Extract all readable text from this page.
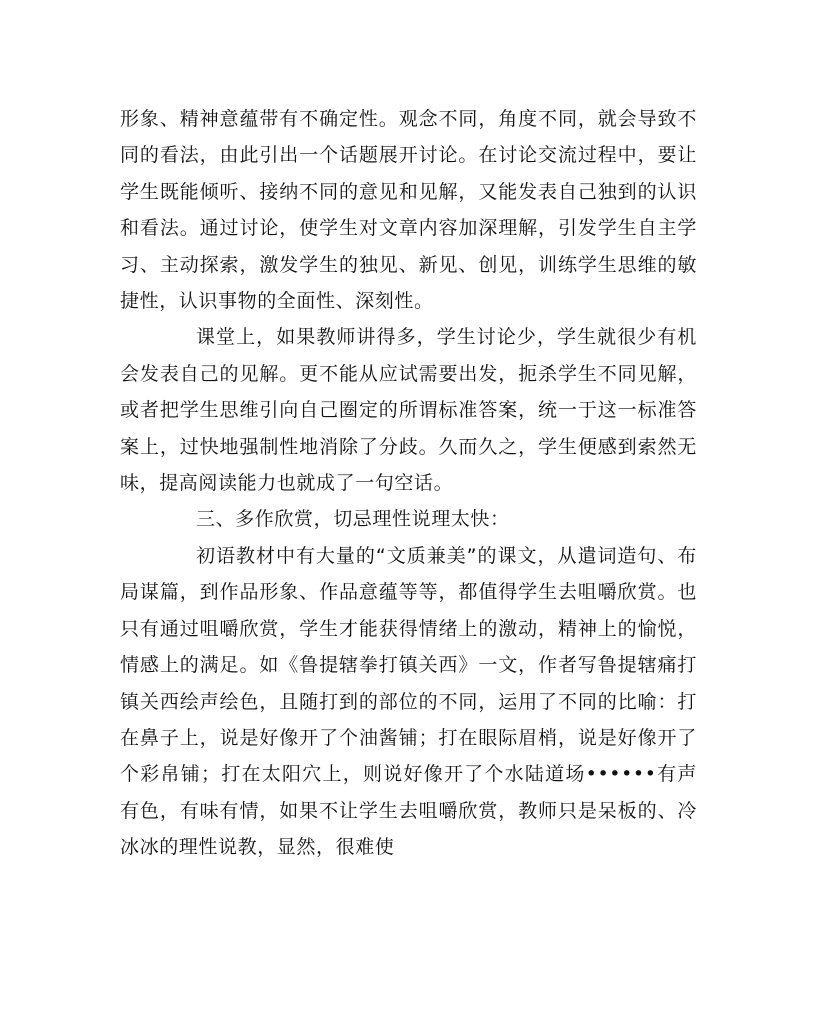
形象、精神意蕴带有不确定性。观念不同，角度不同，就会导致不同的看法，由此引出一个话题展开讨论。在讨论交流过程中，要让学生既能倾听、接纳不同的意见和见解，又能发表自己独到的认识和看法。通过讨论，使学生对文章内容加深理解，引发学生自主学习、主动探索，激发学生的独见、新见、创见，训练学生思维的敏捷性，认识事物的全面性、深刻性。

课堂上，如果教师讲得多，学生讨论少，学生就很少有机会发表自己的见解。更不能从应试需要出发，扼杀学生不同见解，或者把学生思维引向自己圈定的所谓标准答案，统一于这一标准答案上，过快地强制性地消除了分歧。久而久之，学生便感到索然无味，提高阅读能力也就成了一句空话。

三、多作欣赏，切忌理性说理太快：

初语教材中有大量的“文质兼美”的课文，从遣词造句、布局谋篇，到作品形象、作品意蕴等等，都值得学生去咀嚼欣赏。也只有通过咀嚼欣赏，学生才能获得情绪上的激动，精神上的愉悦，情感上的满足。如《鲁提辖拳打镇关西》一文，作者写鲁提辖痛打镇关西绘声绘色，且随打到的部位的不同，运用了不同的比喻：打在鼻子上，说是好像开了个油酱铺；打在眼际眉梢，说是好像开了个彩帛铺；打在太阳穴上，则说好像开了个水陆道场••••••有声有色，有味有情，如果不让学生去咀嚼欣赏，教师只是呆板的、冷冰冰的理性说教，显然，很难使
